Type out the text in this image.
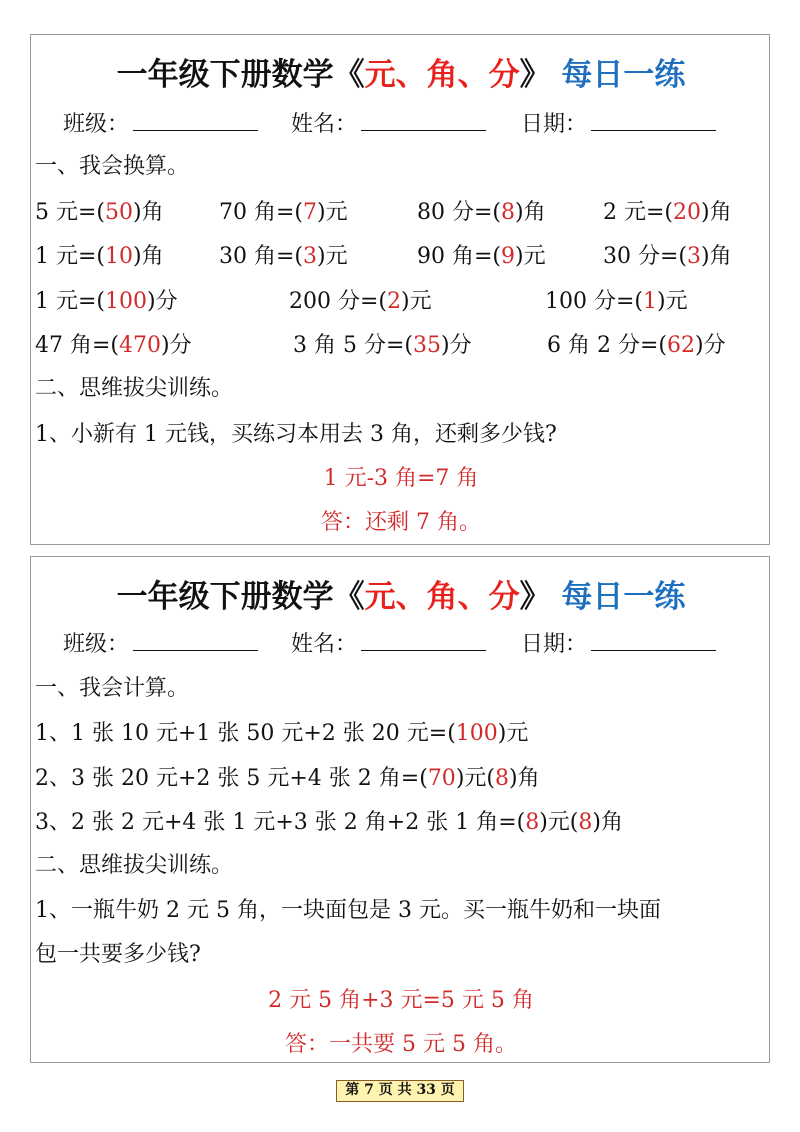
一年级下册数学《元、角、分》 每日一练
班级：	姓名：	日期：
一、我会换算。
5 元=(50)角	70 角=(7)元	80 分=(8)角	2 元=(20)角
1 元=(10)角	30 角=(3)元	90 角=(9)元	30 分=(3)角
1 元=(100)分	200 分=(2)元	100 分=(1)元
47 角=(470)分	3 角 5 分=(35)分	6 角 2 分=(62)分
二、思维拔尖训练。
1、小新有 1 元钱，买练习本用去 3 角，还剩多少钱?
1 元-3 角=7 角
答：还剩 7 角。
一年级下册数学《元、角、分》 每日一练
班级：	姓名：	日期：
一、我会计算。
1、1 张 10 元+1 张 50 元+2 张 20 元=(100)元
2、3 张 20 元+2 张 5 元+4 张 2 角=(70)元(8)角
3、2 张 2 元+4 张 1 元+3 张 2 角+2 张 1 角=(8)元(8)角
二、思维拔尖训练。
1、一瓶牛奶 2 元 5 角，一块面包是 3 元。买一瓶牛奶和一块面
包一共要多少钱?
2 元 5 角+3 元=5 元 5 角
答：一共要 5 元 5 角。
第 7 页 共 33 页
